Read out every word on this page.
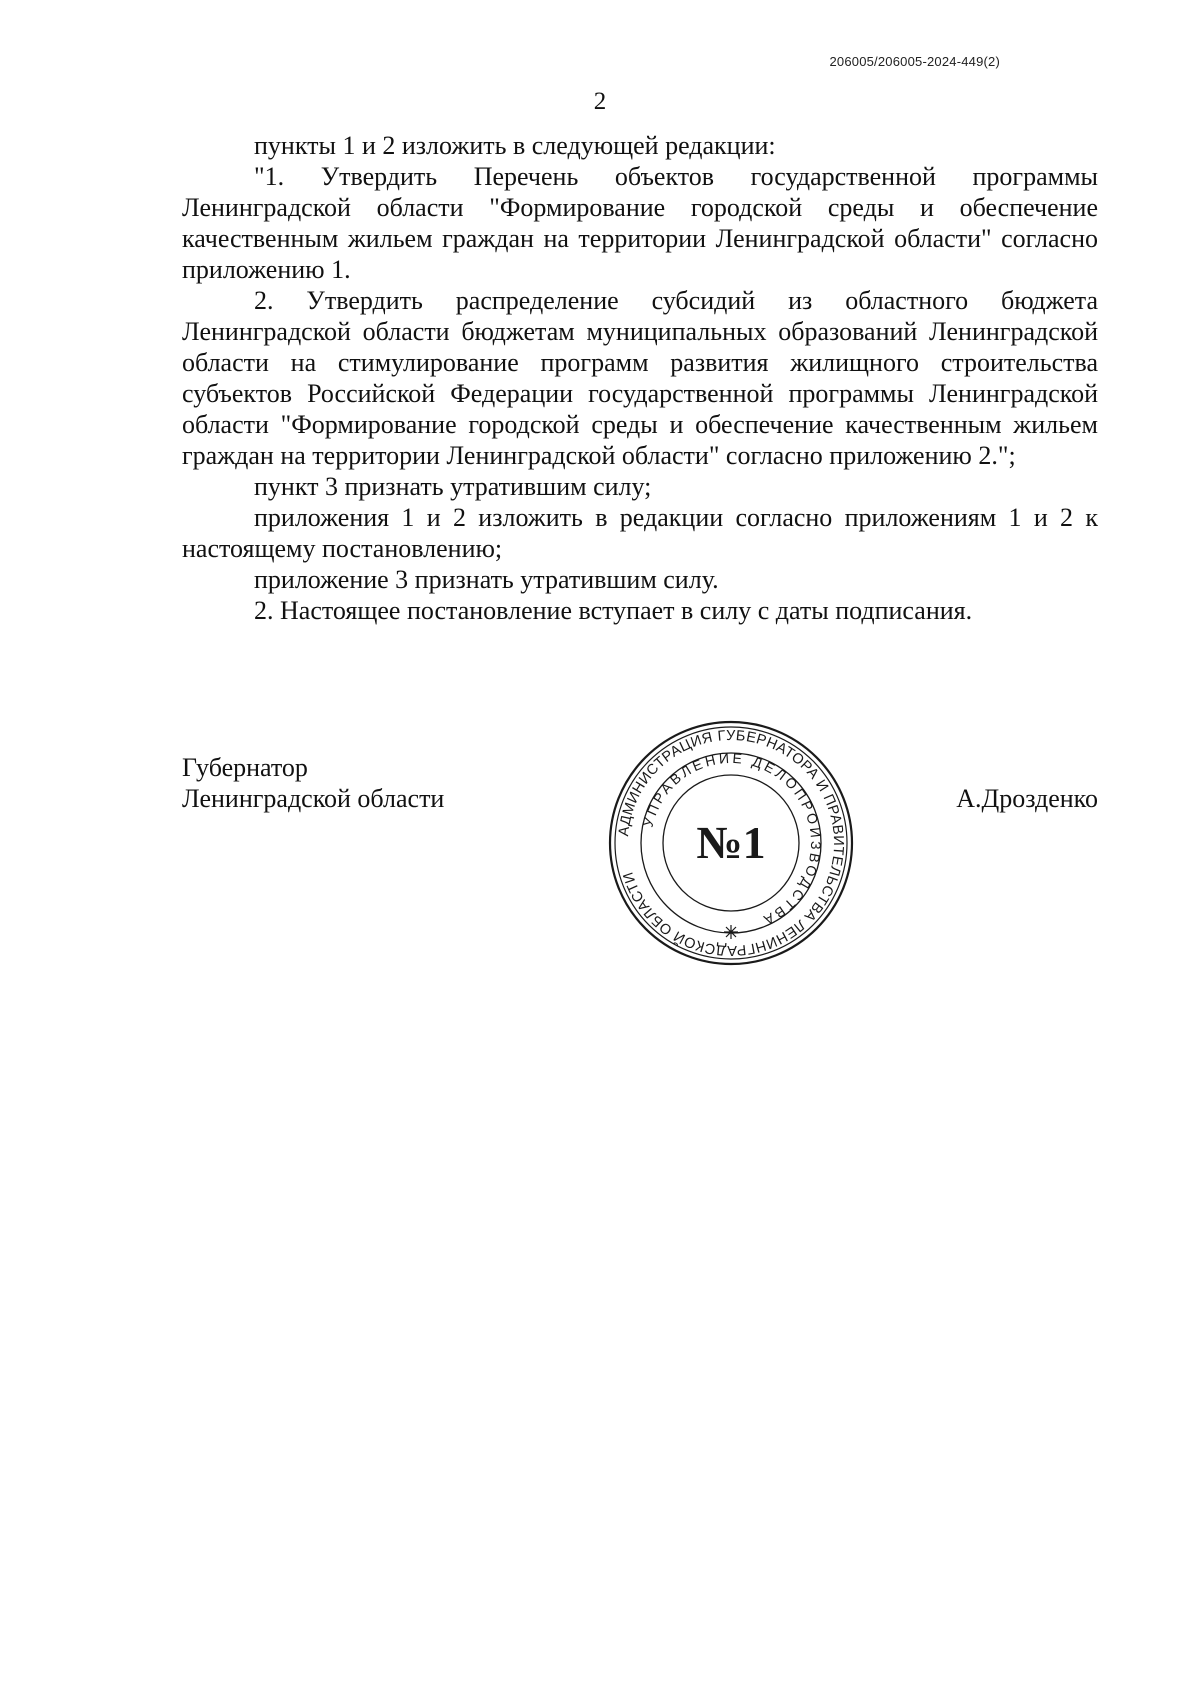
206005/206005-2024-449(2)
2

пункты 1 и 2 изложить в следующей редакции:

"1. Утвердить Перечень объектов государственной программы Ленинградской области "Формирование городской среды и обеспечение качественным жильем граждан на территории Ленинградской области" согласно приложению 1.

2. Утвердить распределение субсидий из областного бюджета Ленинградской области бюджетам муниципальных образований Ленинградской области на стимулирование программ развития жилищного строительства субъектов Российской Федерации государственной программы Ленинградской области "Формирование городской среды и обеспечение качественным жильем граждан на территории Ленинградской области" согласно приложению 2.";

пункт 3 признать утратившим силу;

приложения 1 и 2 изложить в редакции согласно приложениям 1 и 2 к настоящему постановлению;

приложение 3 признать утратившим силу.

2. Настоящее постановление вступает в силу с даты подписания.

Губернатор
Ленинградской области
АДМИНИСТРАЦИЯ ГУБЕРНАТОРА И ПРАВИТЕЛЬСТВА ЛЕНИНГРАДСКОЙ ОБЛАСТИ
УПРАВЛЕНИЕ ДЕЛОПРОИЗВОДСТВА
№1
А.Дрозденко
